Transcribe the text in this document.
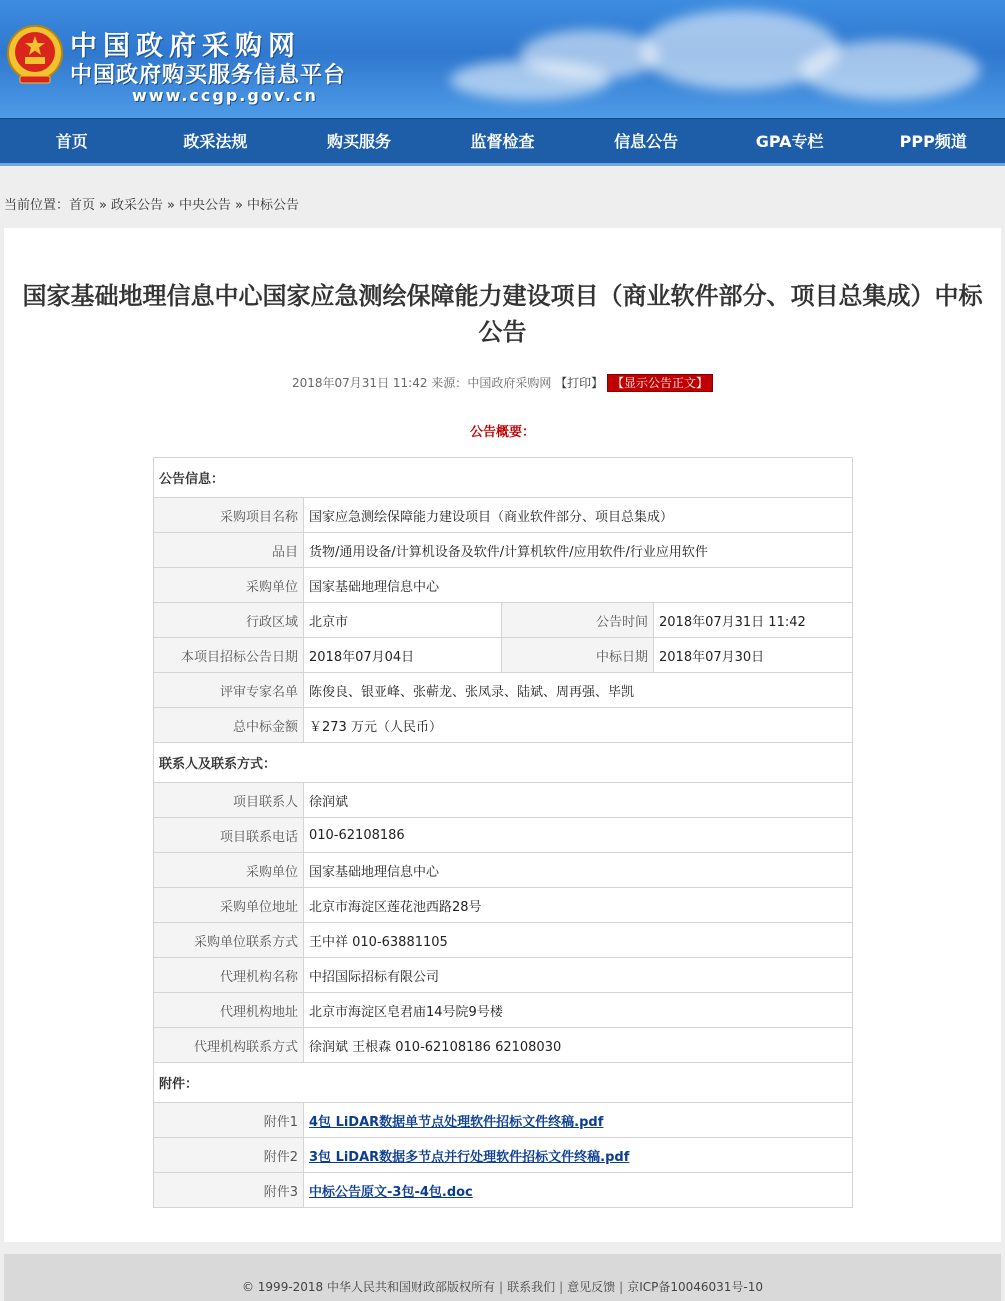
中国政府采购网
中国政府购买服务信息平台
www.ccgp.gov.cn
首页	政采法规	购买服务	监督检查	信息公告	GPA专栏	PPP频道
当前位置：首页 » 政采公告 » 中央公告 » 中标公告
国家基础地理信息中心国家应急测绘保障能力建设项目（商业软件部分、项目总集成）中标公告
2018年07月31日 11:42 来源：中国政府采购网 【打印】 【显示公告正文】
公告概要：
公告信息：			
采购项目名称	国家应急测绘保障能力建设项目（商业软件部分、项目总集成）		
品目	货物/通用设备/计算机设备及软件/计算机软件/应用软件/行业应用软件		
采购单位	国家基础地理信息中心		
行政区域	北京市	公告时间	2018年07月31日 11:42
本项目招标公告日期	2018年07月04日	中标日期	2018年07月30日
评审专家名单	陈俊良、银亚峰、张蕲龙、张凤录、陆斌、周再强、毕凯		
总中标金额	￥273 万元（人民币）		
联系人及联系方式：			
项目联系人	徐润斌		
项目联系电话	010-62108186		
采购单位	国家基础地理信息中心		
采购单位地址	北京市海淀区莲花池西路28号		
采购单位联系方式	王中祥 010-63881105		
代理机构名称	中招国际招标有限公司		
代理机构地址	北京市海淀区皂君庙14号院9号楼		
代理机构联系方式	徐润斌 王根森 010-62108186 62108030		
附件：			
附件1	4包 LiDAR数据单节点处理软件招标文件终稿.pdf		
附件2	3包 LiDAR数据多节点并行处理软件招标文件终稿.pdf		
附件3	中标公告原文-3包-4包.doc		
© 1999-2018 中华人民共和国财政部版权所有 | 联系我们 | 意见反馈 | 京ICP备10046031号-10
